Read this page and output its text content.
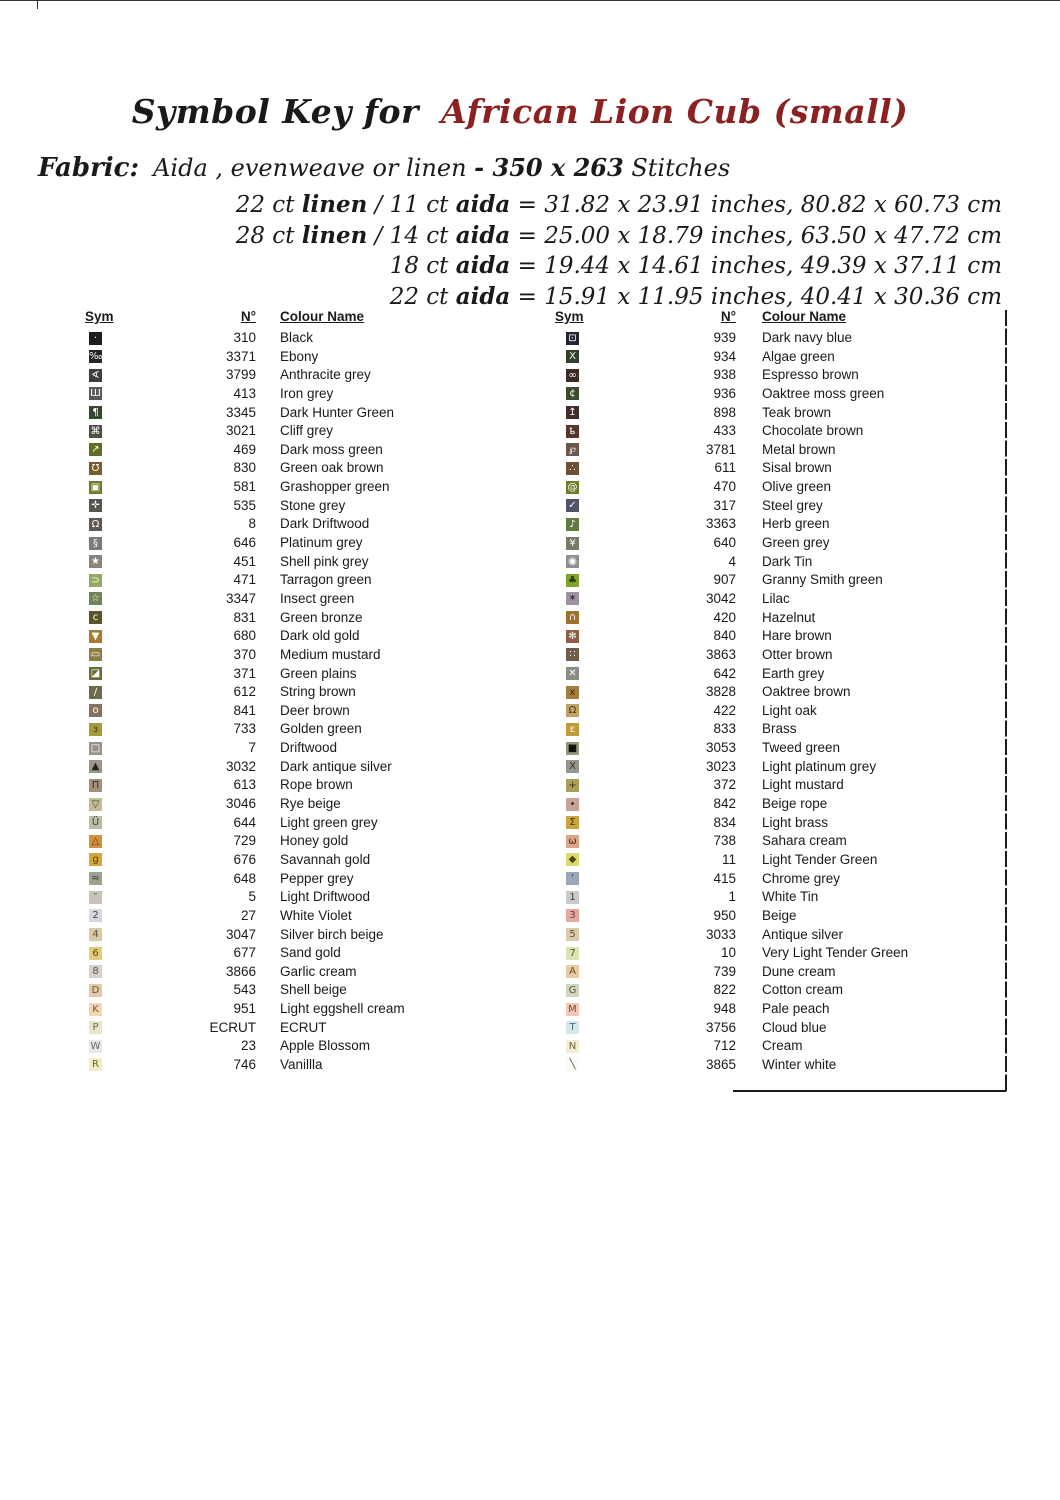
Symbol Key for African Lion Cub (small)
Fabric: Aida , evenweave or linen - 350 x 263 Stitches
22 ct linen / 11 ct aida = 31.82 x 23.91 inches, 80.82 x 60.73 cm
28 ct linen / 14 ct aida = 25.00 x 18.79 inches, 63.50 x 47.72 cm
18 ct aida = 19.44 x 14.61 inches, 49.39 x 37.11 cm
22 ct aida = 15.91 x 11.95 inches, 40.41 x 30.36 cm
Sym	N° Colour Name
·	310 Black
‰	3371 Ebony
∢	3799 Anthracite grey
Ш	413 Iron grey
¶	3345 Dark Hunter Green
⌘	3021 Cliff grey
↗	469 Dark moss green
Ʊ	830 Green oak brown
▣	581 Grashopper green
✛	535 Stone grey
Ω	8 Dark Driftwood
§	646 Platinum grey
★	451 Shell pink grey
⊃	471 Tarragon green
☆	3347 Insect green
c	831 Green bronze
▼	680 Dark old gold
▭	370 Medium mustard
◪	371 Green plains
∕	612 String brown
o	841 Deer brown
ɜ	733 Golden green
□	7 Driftwood
▲	3032 Dark antique silver
Π	613 Rope brown
▽	3046 Rye beige
Ü	644 Light green grey
△	729 Honey gold
g	676 Savannah gold
≈	648 Pepper grey
″	5 Light Driftwood
2	27 White Violet
4	3047 Silver birch beige
6	677 Sand gold
8	3866 Garlic cream
D	543 Shell beige
K	951 Light eggshell cream
P	ECRUT ECRUT
W	23 Apple Blossom
R	746 Vanillla
Sym	N° Colour Name
⊡	939 Dark navy blue
X	934 Algae green
∞	938 Espresso brown
¢	936 Oaktree moss green
↥	898 Teak brown
ҍ	433 Chocolate brown
℘	3781 Metal brown
∴	611 Sisal brown
@	470 Olive green
✓	317 Steel grey
♪	3363 Herb green
¥	640 Green grey
◉	4 Dark Tin
♣	907 Granny Smith green
✶	3042 Lilac
∩	420 Hazelnut
✻	840 Hare brown
∷	3863 Otter brown
✕	642 Earth grey
x	3828 Oaktree brown
Ω	422 Light oak
ε	833 Brass
■	3053 Tweed green
X	3023 Light platinum grey
+	372 Light mustard
•	842 Beige rope
Σ	834 Light brass
ω	738 Sahara cream
◆	11 Light Tender Green
‘	415 Chrome grey
1	1 White Tin
3	950 Beige
5	3033 Antique silver
7	10 Very Light Tender Green
A	739 Dune cream
G	822 Cotton cream
M	948 Pale peach
T	3756 Cloud blue
N	712 Cream
╲	3865 Winter white
